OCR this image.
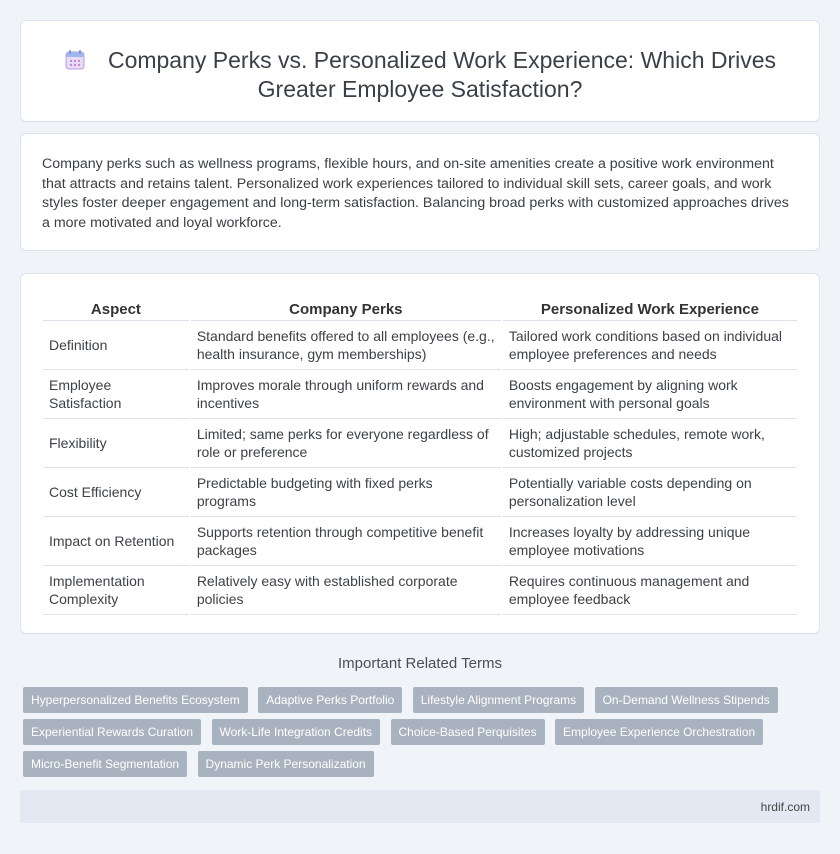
Company Perks vs. Personalized Work Experience: Which Drives
Greater Employee Satisfaction?

Company perks such as wellness programs, flexible hours, and on-site amenities create a positive work environment that attracts and retains talent. Personalized work experiences tailored to individual skill sets, career goals, and work styles foster deeper engagement and long-term satisfaction. Balancing broad perks with customized approaches drives a more motivated and loyal workforce.

Aspect	Company Perks	Personalized Work Experience
Definition	Standard benefits offered to all employees (e.g., health insurance, gym memberships)	Tailored work conditions based on individual employee preferences and needs
Employee Satisfaction	Improves morale through uniform rewards and incentives	Boosts engagement by aligning work environment with personal goals
Flexibility	Limited; same perks for everyone regardless of role or preference	High; adjustable schedules, remote work, customized projects
Cost Efficiency	Predictable budgeting with fixed perks programs	Potentially variable costs depending on personalization level
Impact on Retention	Supports retention through competitive benefit packages	Increases loyalty by addressing unique employee motivations
Implementation Complexity	Relatively easy with established corporate policies	Requires continuous management and employee feedback
Important Related Terms
Hyperpersonalized Benefits Ecosystem Adaptive Perks Portfolio Lifestyle Alignment Programs On-Demand Wellness Stipends Experiential Rewards Curation Work-Life Integration Credits Choice-Based Perquisites Employee Experience Orchestration Micro-Benefit Segmentation Dynamic Perk Personalization
hrdif.com
